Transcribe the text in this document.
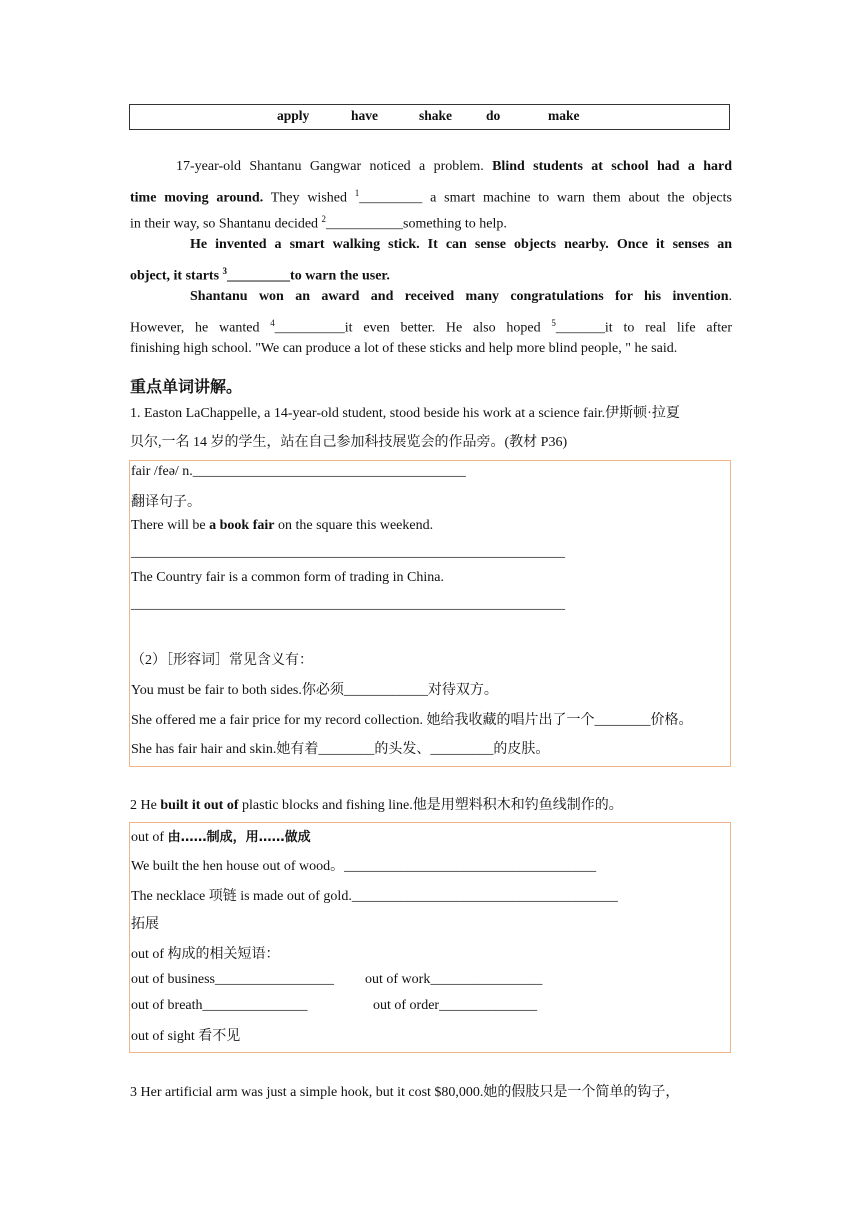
apply	have	shake	do	make
17-year-old Shantanu Gangwar noticed a problem. Blind students at school had a hard
time moving around. They wished $^1$_________ a smart machine to warn them about the objects
in their way, so Shantanu decided $^2$___________something to help.
He invented a smart walking stick. It can sense objects nearby. Once it senses an
object, it starts $^3$_________to warn the user.
Shantanu won an award and received many congratulations for his invention.
However, he wanted $^4$__________it even better. He also hoped $^5$_______it to real life after
finishing high school. "We can produce a lot of these sticks and help more blind people, " he said.
重点单词讲解。
1. Easton LaChappelle, a 14-year-old student, stood beside his work at a science fair.伊斯顿·拉夏
贝尔,一名 14 岁的学生，站在自己参加科技展览会的作品旁。(教材 P36)
fair /feə/ n._______________________________________
翻译句子。
There will be a book fair on the square this weekend.
______________________________________________________________
The Country fair is a common form of trading in China.
______________________________________________________________
（2）［形容词］常见含义有：
You must be fair to both sides.你必须____________对待双方。
She offered me a fair price for my record collection. 她给我收藏的唱片出了一个________价格。
She has fair hair and skin.她有着________的头发、_________的皮肤。
2 He built it out of plastic blocks and fishing line.他是用塑料积木和钓鱼线制作的。
out of 由……制成，用……做成
We built the hen house out of wood。____________________________________
The necklace 项链 is made out of gold.______________________________________
拓展
out of 构成的相关短语：
out of business_________________ out of work________________
out of breath_______________	out of order______________
out of sight 看不见
3 Her artificial arm was just a simple hook, but it cost $80,000.她的假肢只是一个简单的钩子，
